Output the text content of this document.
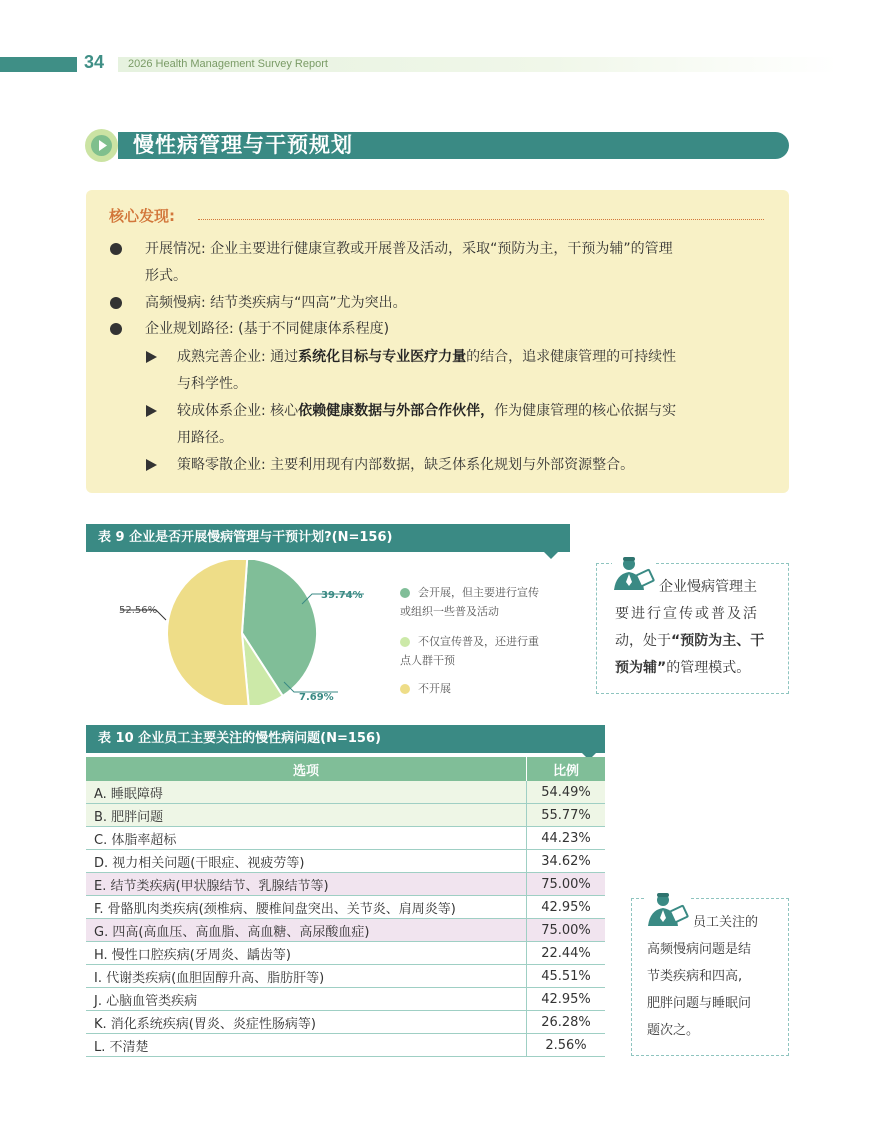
34 2026 Health Management Survey Report
慢性病管理与干预规划
核心发现:
开展情况: 企业主要进行健康宣教或开展普及活动，采取“预防为主，干预为辅”的管理
形式。
高频慢病: 结节类疾病与“四高”尤为突出。
企业规划路径: (基于不同健康体系程度)
成熟完善企业: 通过系统化目标与专业医疗力量的结合，追求健康管理的可持续性
与科学性。
较成体系企业: 核心依赖健康数据与外部合作伙伴，作为健康管理的核心依据与实
用路径。
策略零散企业: 主要利用现有内部数据，缺乏体系化规划与外部资源整合。
表 9 企业是否开展慢病管理与干预计划?(N=156)
52.56%
39.74%
7.69%
会开展，但主要进行宣传
或组织一些普及活动
不仅宣传普及，还进行重
点人群干预
不开展
企业慢病管理主
要进行宣传或普及活
动，处于“预防为主、干
预为辅”的管理模式。
表 10 企业员工主要关注的慢性病问题(N=156)
选项	比例
A. 睡眠障碍	54.49%
B. 肥胖问题	55.77%
C. 体脂率超标	44.23%
D. 视力相关问题(干眼症、视疲劳等)	34.62%
E. 结节类疾病(甲状腺结节、乳腺结节等)	75.00%
F. 骨骼肌肉类疾病(颈椎病、腰椎间盘突出、关节炎、肩周炎等)	42.95%
G. 四高(高血压、高血脂、高血糖、高尿酸血症)	75.00%
H. 慢性口腔疾病(牙周炎、龋齿等)	22.44%
I. 代谢类疾病(血胆固醇升高、脂肪肝等)	45.51%
J. 心脑血管类疾病	42.95%
K. 消化系统疾病(胃炎、炎症性肠病等)	26.28%
L. 不清楚	2.56%
员工关注的
高频慢病问题是结
节类疾病和四高,
肥胖问题与睡眠问
题次之。
